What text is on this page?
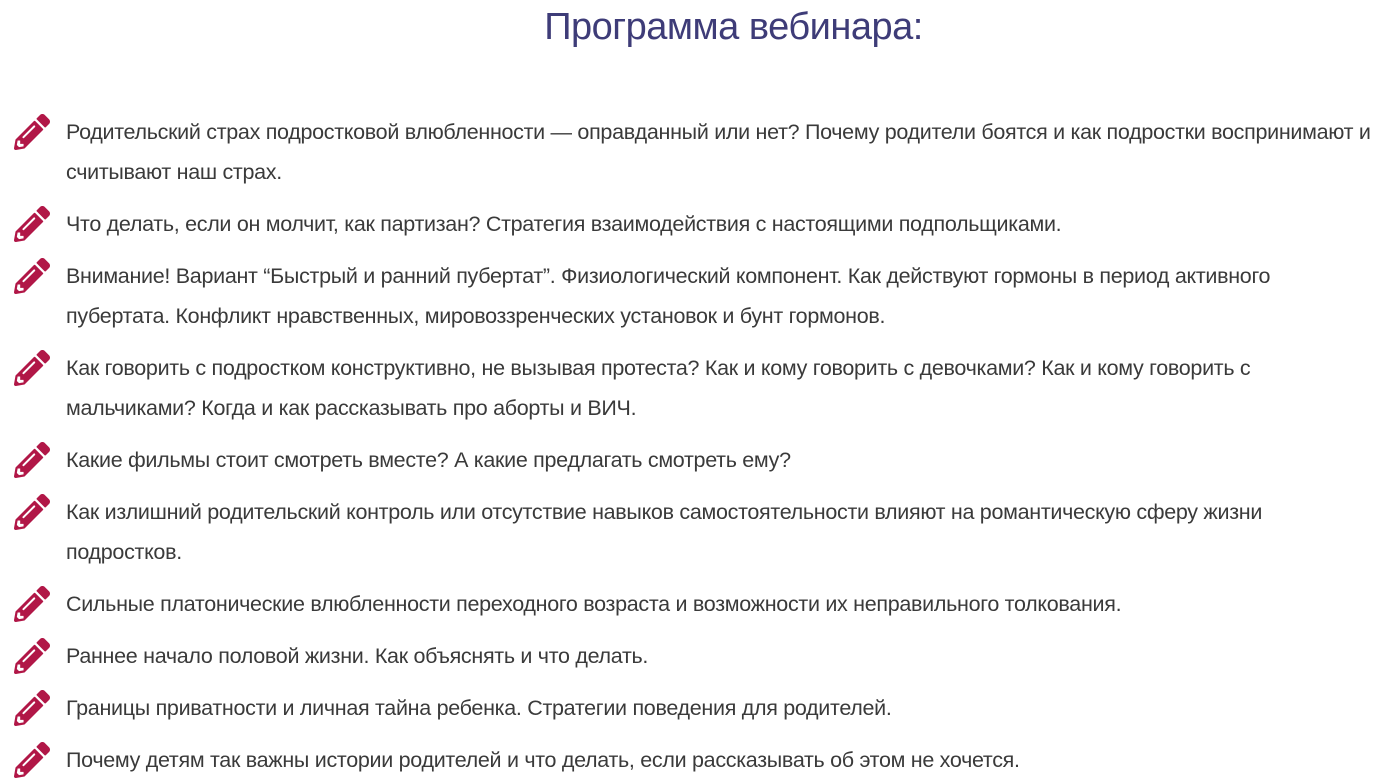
Программа вебинара:

Родительский страх подростковой влюбленности — оправданный или нет? Почему родители боятся и как подростки воспринимают и считывают наш страх.

Что делать, если он молчит, как партизан? Стратегия взаимодействия с настоящими подпольщиками.

Внимание! Вариант “Быстрый и ранний пубертат”. Физиологический компонент. Как действуют гормоны в период активного пубертата. Конфликт нравственных, мировоззренческих установок и бунт гормонов.

Как говорить с подростком конструктивно, не вызывая протеста? Как и кому говорить с девочками? Как и кому говорить с мальчиками? Когда и как рассказывать про аборты и ВИЧ.

Какие фильмы стоит смотреть вместе? А какие предлагать смотреть ему?

Как излишний родительский контроль или отсутствие навыков самостоятельности влияют на романтическую сферу жизни подростков.

Сильные платонические влюбленности переходного возраста и возможности их неправильного толкования.

Раннее начало половой жизни. Как объяснять и что делать.

Границы приватности и личная тайна ребенка. Стратегии поведения для родителей.

Почему детям так важны истории родителей и что делать, если рассказывать об этом не хочется.
